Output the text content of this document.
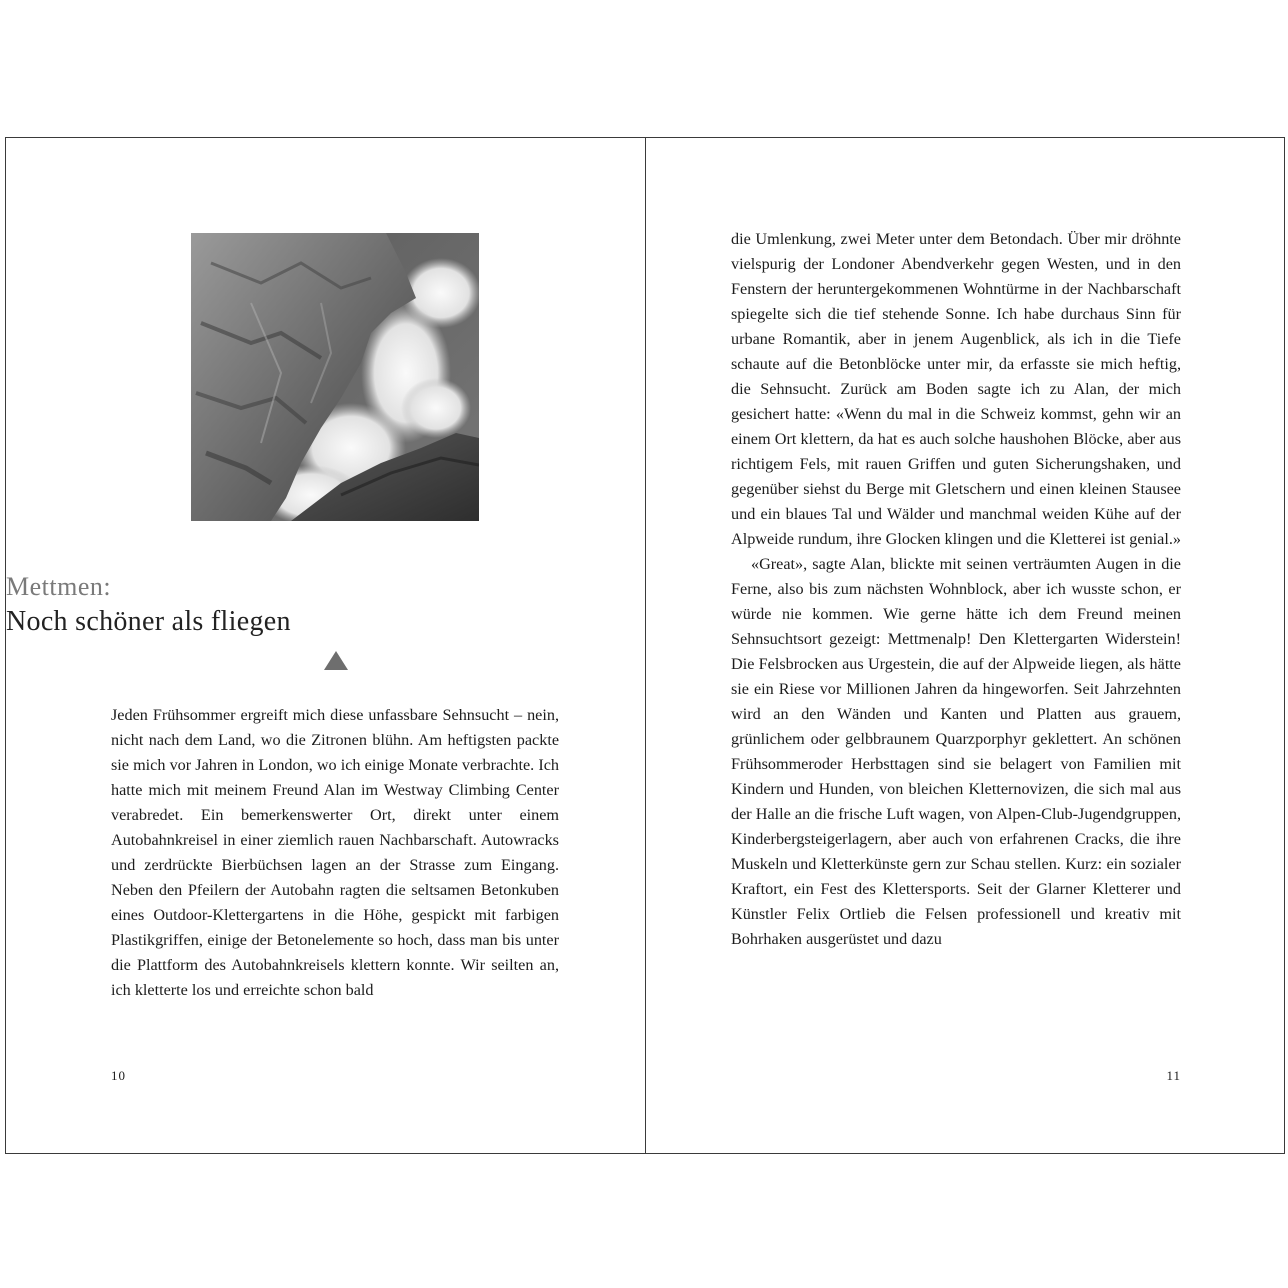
Mettmen:
Noch schöner als fliegen

Jeden Frühsommer ergreift mich diese unfassbare Sehnsucht – nein, nicht nach dem Land, wo die Zitronen blühn. Am heftigsten packte sie mich vor Jahren in London, wo ich einige Monate verbrachte. Ich hatte mich mit meinem Freund Alan im Westway Climbing Center verabredet. Ein bemerkenswerter Ort, direkt unter einem Autobahnkreisel in einer ziemlich rauen Nachbarschaft. Autowracks und zerdrückte Bierbüchsen lagen an der Strasse zum Eingang. Neben den Pfeilern der Autobahn ragten die seltsamen Betonkuben eines Outdoor-Klettergartens in die Höhe, gespickt mit farbigen Plastikgriffen, einige der Betonelemente so hoch, dass man bis unter die Plattform des Autobahnkreisels klettern konnte. Wir seilten an, ich kletterte los und erreichte schon bald

10

die Umlenkung, zwei Meter unter dem Betondach. Über mir dröhnte vielspurig der Londoner Abendverkehr gegen Westen, und in den Fenstern der heruntergekommenen Wohntürme in der Nachbarschaft spiegelte sich die tief stehende Sonne. Ich habe durchaus Sinn für urbane Romantik, aber in jenem Augenblick, als ich in die Tiefe schaute auf die Betonblöcke unter mir, da erfasste sie mich heftig, die Sehnsucht. Zurück am Boden sagte ich zu Alan, der mich gesichert hatte: «Wenn du mal in die Schweiz kommst, gehn wir an einem Ort klettern, da hat es auch solche haushohen Blöcke, aber aus richtigem Fels, mit rauen Griffen und guten Sicherungshaken, und gegenüber siehst du Berge mit Gletschern und einen kleinen Stausee und ein blaues Tal und Wälder und manchmal weiden Kühe auf der Alpweide rundum, ihre Glocken klingen und die Kletterei ist genial.»

«Great», sagte Alan, blickte mit seinen verträumten Augen in die Ferne, also bis zum nächsten Wohnblock, aber ich wusste schon, er würde nie kommen. Wie gerne hätte ich dem Freund meinen Sehnsuchtsort gezeigt: Mettmenalp! Den Klettergarten Widerstein! Die Felsbrocken aus Urgestein, die auf der Alpweide liegen, als hätte sie ein Riese vor Millionen Jahren da hingeworfen. Seit Jahrzehnten wird an den Wänden und Kanten und Platten aus grauem, grünlichem oder gelbbraunem Quarzporphyr geklettert. An schönen Frühsommeroder Herbsttagen sind sie belagert von Familien mit Kindern und Hunden, von bleichen Kletternovizen, die sich mal aus der Halle an die frische Luft wagen, von Alpen-Club-Jugendgruppen, Kinderbergsteigerlagern, aber auch von erfahrenen Cracks, die ihre Muskeln und Kletterkünste gern zur Schau stellen. Kurz: ein sozialer Kraftort, ein Fest des Klettersports. Seit der Glarner Kletterer und Künstler Felix Ortlieb die Felsen professionell und kreativ mit Bohrhaken ausgerüstet und dazu

11
